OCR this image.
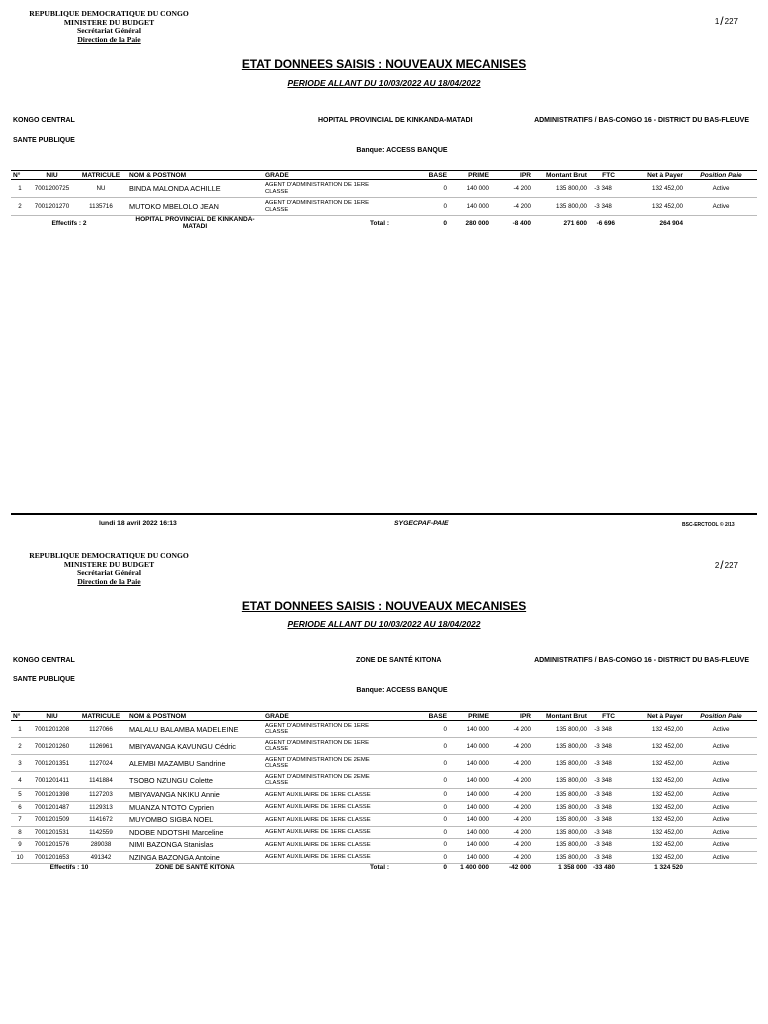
REPUBLIQUE DEMOCRATIQUE DU CONGO
MINISTERE DU BUDGET
Secrétariat Général
Direction de la Paie
1/227
ETAT DONNEES SAISIS : NOUVEAUX MECANISES
PERIODE ALLANT DU 10/03/2022 AU 18/04/2022
KONGO CENTRAL	HOPITAL PROVINCIAL DE KINKANDA-MATADI	ADMINISTRATIFS / BAS-CONGO 16 - DISTRICT DU BAS-FLEUVE
SANTE PUBLIQUE
Banque: ACCESS BANQUE
N°	NIU	MATRICULE	NOM & POSTNOM	GRADE	BASE	PRIME	IPR	Montant Brut	FTC	Net à Payer	Position Paie
1	7001200725	NU	BINDA MALONDA ACHILLE	AGENT D'ADMINISTRATION DE 1ERE CLASSE	0	140 000	-4 200	135 800,00	-3 348	132 452,00	Active
2	7001201270	1135716	MUTOKO MBELOLO JEAN	AGENT D'ADMINISTRATION DE 1ERE CLASSE	0	140 000	-4 200	135 800,00	-3 348	132 452,00	Active
Effectifs : 2			HOPITAL PROVINCIAL DE KINKANDA-MATADI	Total :	0	280 000	-8 400	271 600	-6 696	264 904	
lundi 18 avril 2022 16:13	SYGECPAF-PAIE	BSC-ERCTOOL © 2/13
REPUBLIQUE DEMOCRATIQUE DU CONGO
MINISTERE DU BUDGET
Secrétariat Général
Direction de la Paie
2/227
ETAT DONNEES SAISIS : NOUVEAUX MECANISES
PERIODE ALLANT DU 10/03/2022 AU 18/04/2022
KONGO CENTRAL	ZONE DE SANTÉ KITONA	ADMINISTRATIFS / BAS-CONGO 16 - DISTRICT DU BAS-FLEUVE
SANTE PUBLIQUE
Banque: ACCESS BANQUE
N°	NIU	MATRICULE	NOM & POSTNOM	GRADE	BASE	PRIME	IPR	Montant Brut	FTC	Net à Payer	Position Paie
1	7001201208	1127066	MALALU BALAMBA MADELEINE	AGENT D'ADMINISTRATION DE 1ERE CLASSE	0	140 000	-4 200	135 800,00	-3 348	132 452,00	Active
2	7001201260	1126961	MBIYAVANGA KAVUNGU Cédric	AGENT D'ADMINISTRATION DE 1ERE CLASSE	0	140 000	-4 200	135 800,00	-3 348	132 452,00	Active
3	7001201351	1127024	ALEMBI MAZAMBU Sandrine	AGENT D'ADMINISTRATION DE 2EME CLASSE	0	140 000	-4 200	135 800,00	-3 348	132 452,00	Active
4	7001201411	1141884	TSOBO NZUNGU Colette	AGENT D'ADMINISTRATION DE 2EME CLASSE	0	140 000	-4 200	135 800,00	-3 348	132 452,00	Active
5	7001201398	1127203	MBIYAVANGA NKIKU Annie	AGENT AUXILIAIRE DE 1ERE CLASSE	0	140 000	-4 200	135 800,00	-3 348	132 452,00	Active
6	7001201487	1129313	MUANZA NTOTO Cyprien	AGENT AUXILIAIRE DE 1ERE CLASSE	0	140 000	-4 200	135 800,00	-3 348	132 452,00	Active
7	7001201509	1141672	MUYOMBO SIGBA NOEL	AGENT AUXILIAIRE DE 1ERE CLASSE	0	140 000	-4 200	135 800,00	-3 348	132 452,00	Active
8	7001201531	1142559	NDOBE NDOTSHI Marceline	AGENT AUXILIAIRE DE 1ERE CLASSE	0	140 000	-4 200	135 800,00	-3 348	132 452,00	Active
9	7001201576	289038	NIMI BAZONGA Stanislas	AGENT AUXILIAIRE DE 1ERE CLASSE	0	140 000	-4 200	135 800,00	-3 348	132 452,00	Active
10	7001201653	491342	NZINGA BAZONGA Antoine	AGENT AUXILIAIRE DE 1ERE CLASSE	0	140 000	-4 200	135 800,00	-3 348	132 452,00	Active
Effectifs : 10			ZONE DE SANTÉ KITONA	Total :	0	1 400 000	-42 000	1 358 000	-33 480	1 324 520	
